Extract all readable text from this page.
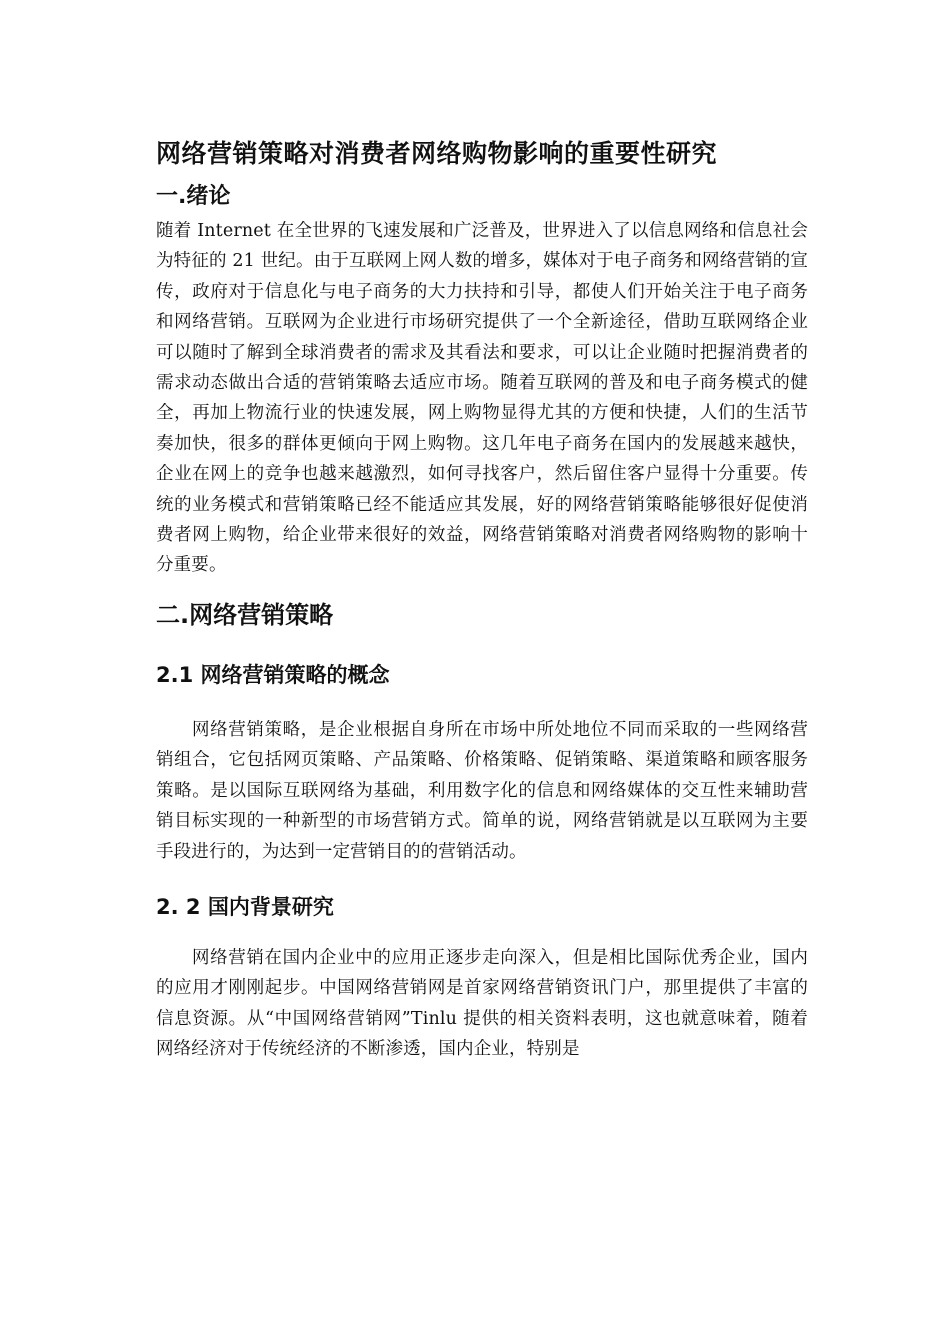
网络营销策略对消费者网络购物影响的重要性研究
一.绪论

随着 Internet 在全世界的飞速发展和广泛普及，世界进入了以信息网络和信息社会为特征的 21 世纪。由于互联网上网人数的增多，媒体对于电子商务和网络营销的宣传，政府对于信息化与电子商务的大力扶持和引导，都使人们开始关注于电子商务和网络营销。互联网为企业进行市场研究提供了一个全新途径，借助互联网络企业可以随时了解到全球消费者的需求及其看法和要求，可以让企业随时把握消费者的需求动态做出合适的营销策略去适应市场。随着互联网的普及和电子商务模式的健全，再加上物流行业的快速发展，网上购物显得尤其的方便和快捷，人们的生活节奏加快，很多的群体更倾向于网上购物。这几年电子商务在国内的发展越来越快，企业在网上的竞争也越来越激烈，如何寻找客户，然后留住客户显得十分重要。传统的业务模式和营销策略已经不能适应其发展，好的网络营销策略能够很好促使消费者网上购物，给企业带来很好的效益，网络营销策略对消费者网络购物的影响十分重要。

二.网络营销策略
2.1 网络营销策略的概念

网络营销策略，是企业根据自身所在市场中所处地位不同而采取的一些网络营销组合，它包括网页策略、产品策略、价格策略、促销策略、渠道策略和顾客服务策略。是以国际互联网络为基础，利用数字化的信息和网络媒体的交互性来辅助营销目标实现的一种新型的市场营销方式。简单的说，网络营销就是以互联网为主要手段进行的，为达到一定营销目的的营销活动。

2. 2 国内背景研究

网络营销在国内企业中的应用正逐步走向深入，但是相比国际优秀企业，国内的应用才刚刚起步。中国网络营销网是首家网络营销资讯门户，那里提供了丰富的信息资源。从“中国网络营销网”Tinlu 提供的相关资料表明，这也就意味着，随着网络经济对于传统经济的不断渗透，国内企业，特别是
